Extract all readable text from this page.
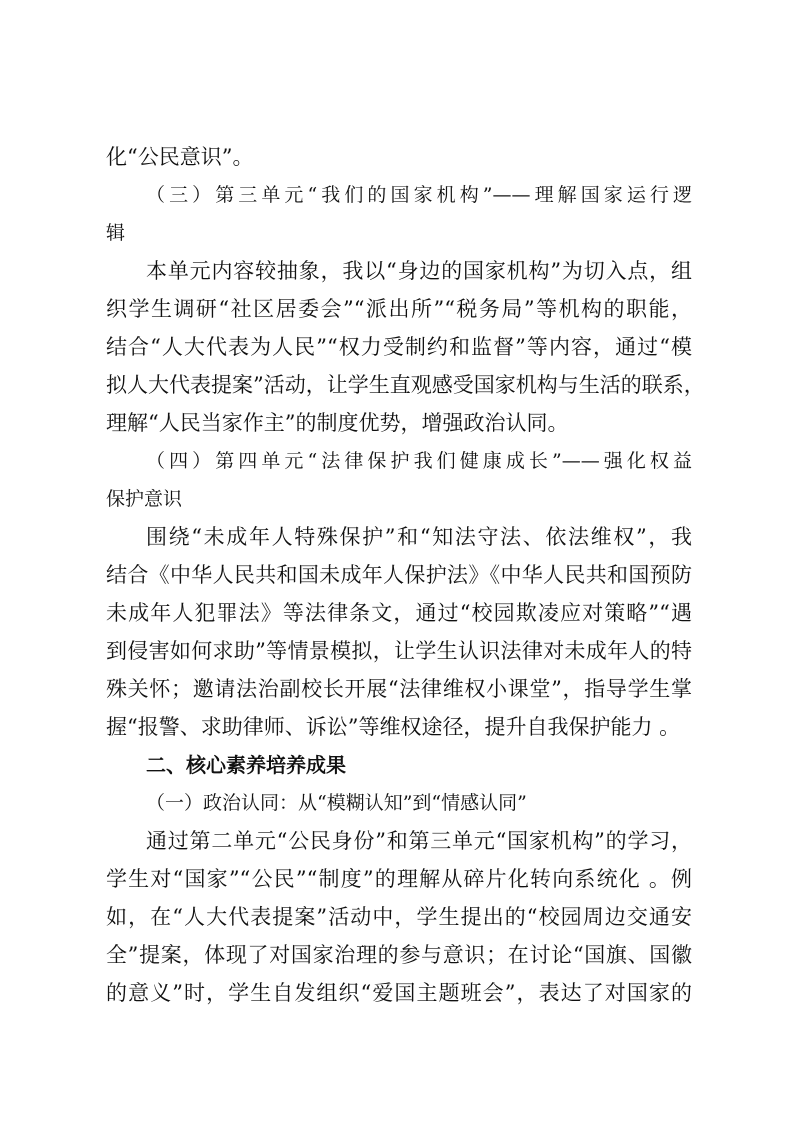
化“公民意识”。
（三）第三单元“我们的国家机构”——理解国家运行逻
辑
本单元内容较抽象，我以“身边的国家机构”为切入点，组
织学生调研“社区居委会”“派出所”“税务局”等机构的职能，
结合“人大代表为人民”“权力受制约和监督”等内容，通过“模
拟人大代表提案”活动，让学生直观感受国家机构与生活的联系，
理解“人民当家作主”的制度优势，增强政治认同。
（四）第四单元“法律保护我们健康成长”——强化权益
保护意识
围绕“未成年人特殊保护”和“知法守法、依法维权”，我
结合《中华人民共和国未成年人保护法》《中华人民共和国预防
未成年人犯罪法》等法律条文，通过“校园欺凌应对策略”“遇
到侵害如何求助”等情景模拟，让学生认识法律对未成年人的特
殊关怀；邀请法治副校长开展“法律维权小课堂”，指导学生掌
握“报警、求助律师、诉讼”等维权途径，提升自我保护能力 。
二、核心素养培养成果
（一）政治认同：从“模糊认知”到“情感认同”
通过第二单元“公民身份”和第三单元“国家机构”的学习，
学生对“国家”“公民”“制度”的理解从碎片化转向系统化 。例
如，在“人大代表提案”活动中，学生提出的“校园周边交通安
全”提案，体现了对国家治理的参与意识；在讨论“国旗、国徽
的意义”时，学生自发组织“爱国主题班会”，表达了对国家的
